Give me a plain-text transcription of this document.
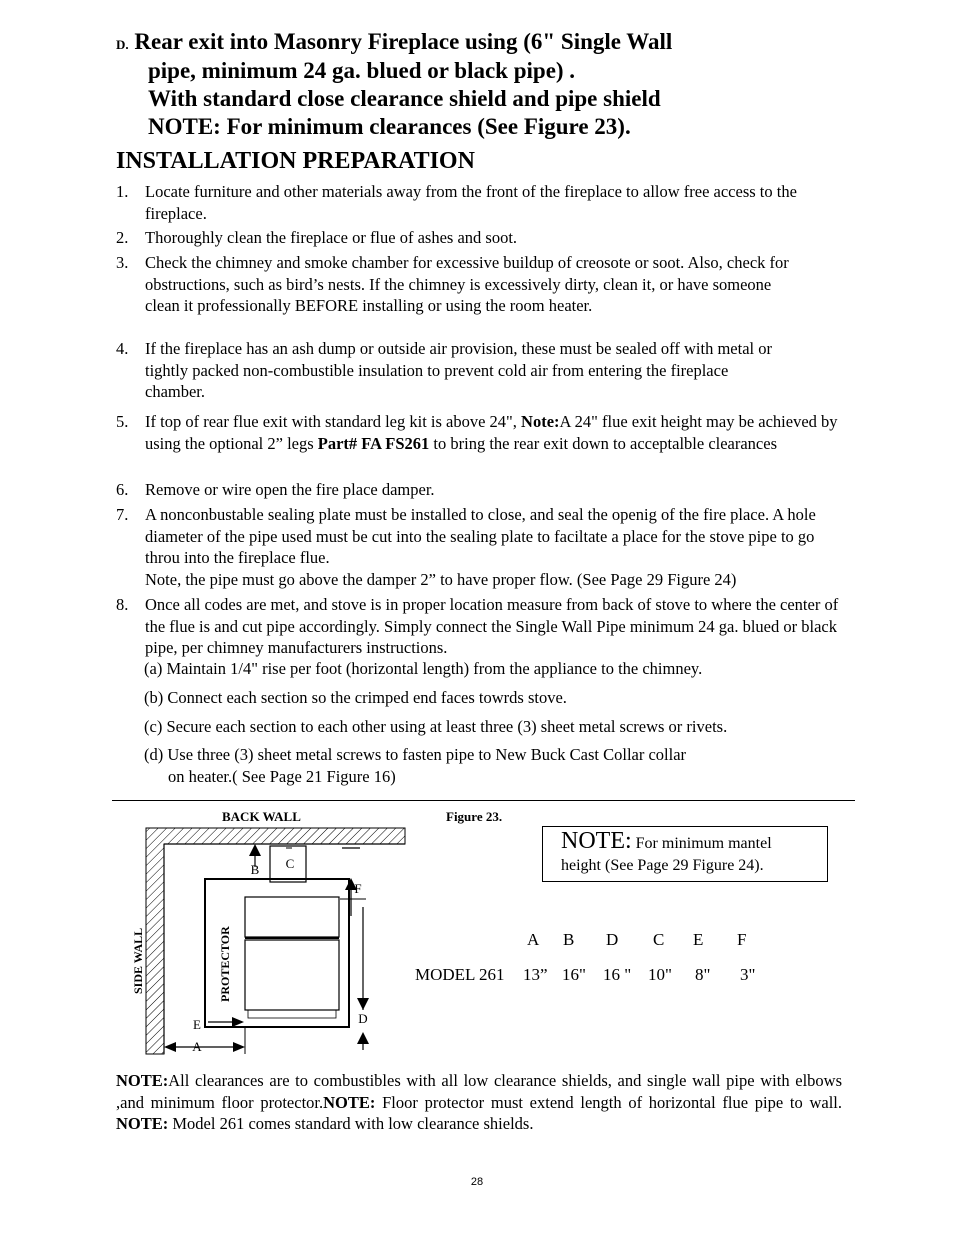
D. Rear exit into Masonry Fireplace using (6" Single Wall
pipe, minimum 24 ga. blued or black pipe) .
With standard close clearance shield and pipe shield
NOTE: For minimum clearances (See Figure 23).
INSTALLATION PREPARATION
1.	Locate furniture and other materials away from the front of the fireplace to allow free access to the fireplace.
2.	Thoroughly clean the fireplace or flue of ashes and soot.
3.	Check the chimney and smoke chamber for excessive buildup of creosote or soot. Also, check for obstructions, such as bird’s nests. If the chimney is excessively dirty, clean it, or have someone clean it professionally BEFORE installing or using the room heater.
4.	If the fireplace has an ash dump or outside air provision, these must be sealed off with metal or tightly packed non-combustible insulation to prevent cold air from entering the fireplace chamber.
5.	If top of rear flue exit with standard leg kit is above 24", Note:A 24" flue exit height may be achieved by using the optional 2” legs Part# FA FS261 to bring the rear exit down to acceptalble clearances
6.	Remove or wire open the fire place damper.
7.	A nonconbustable sealing plate must be installed to close, and seal the openig of the fire place. A hole diameter of the pipe used must be cut into the sealing plate to faciltate a place for the stove pipe to go throu into the fireplace flue.
Note, the pipe must go above the damper 2” to have proper flow. (See Page 29 Figure 24)
8.	Once all codes are met, and stove is in proper location measure from back of stove to where the center of the flue is and cut pipe accordingly. Simply connect the Single Wall Pipe minimum 24 ga. blued or black pipe, per chimney manufacturers instructions.
(a) Maintain 1/4" rise per foot (horizontal length) from the appliance to the chimney.
(b) Connect each section so the crimped end faces towrds stove.
(c) Secure each section to each other using at least three (3) sheet metal screws or rivets.
(d) Use three (3) sheet metal screws to fasten pipe to New Buck Cast Collar collar
on heater.( See Page 21 Figure 16)
BACK WALL	Figure 23.
B C
F
D
E
A
SIDE WALL	PROTECTOR
NOTE: For minimum mantel
height (See Page 29 Figure 24).
A B D C E F
MODEL 261 13” 16" 16 " 10" 8" 3"
NOTE:All clearances are to combustibles with all low clearance shields, and single wall pipe with elbows ,and minimum floor protector.NOTE: Floor protector must extend length of horizontal flue pipe to wall. NOTE: Model 261 comes standard with low clearance shields.
28
